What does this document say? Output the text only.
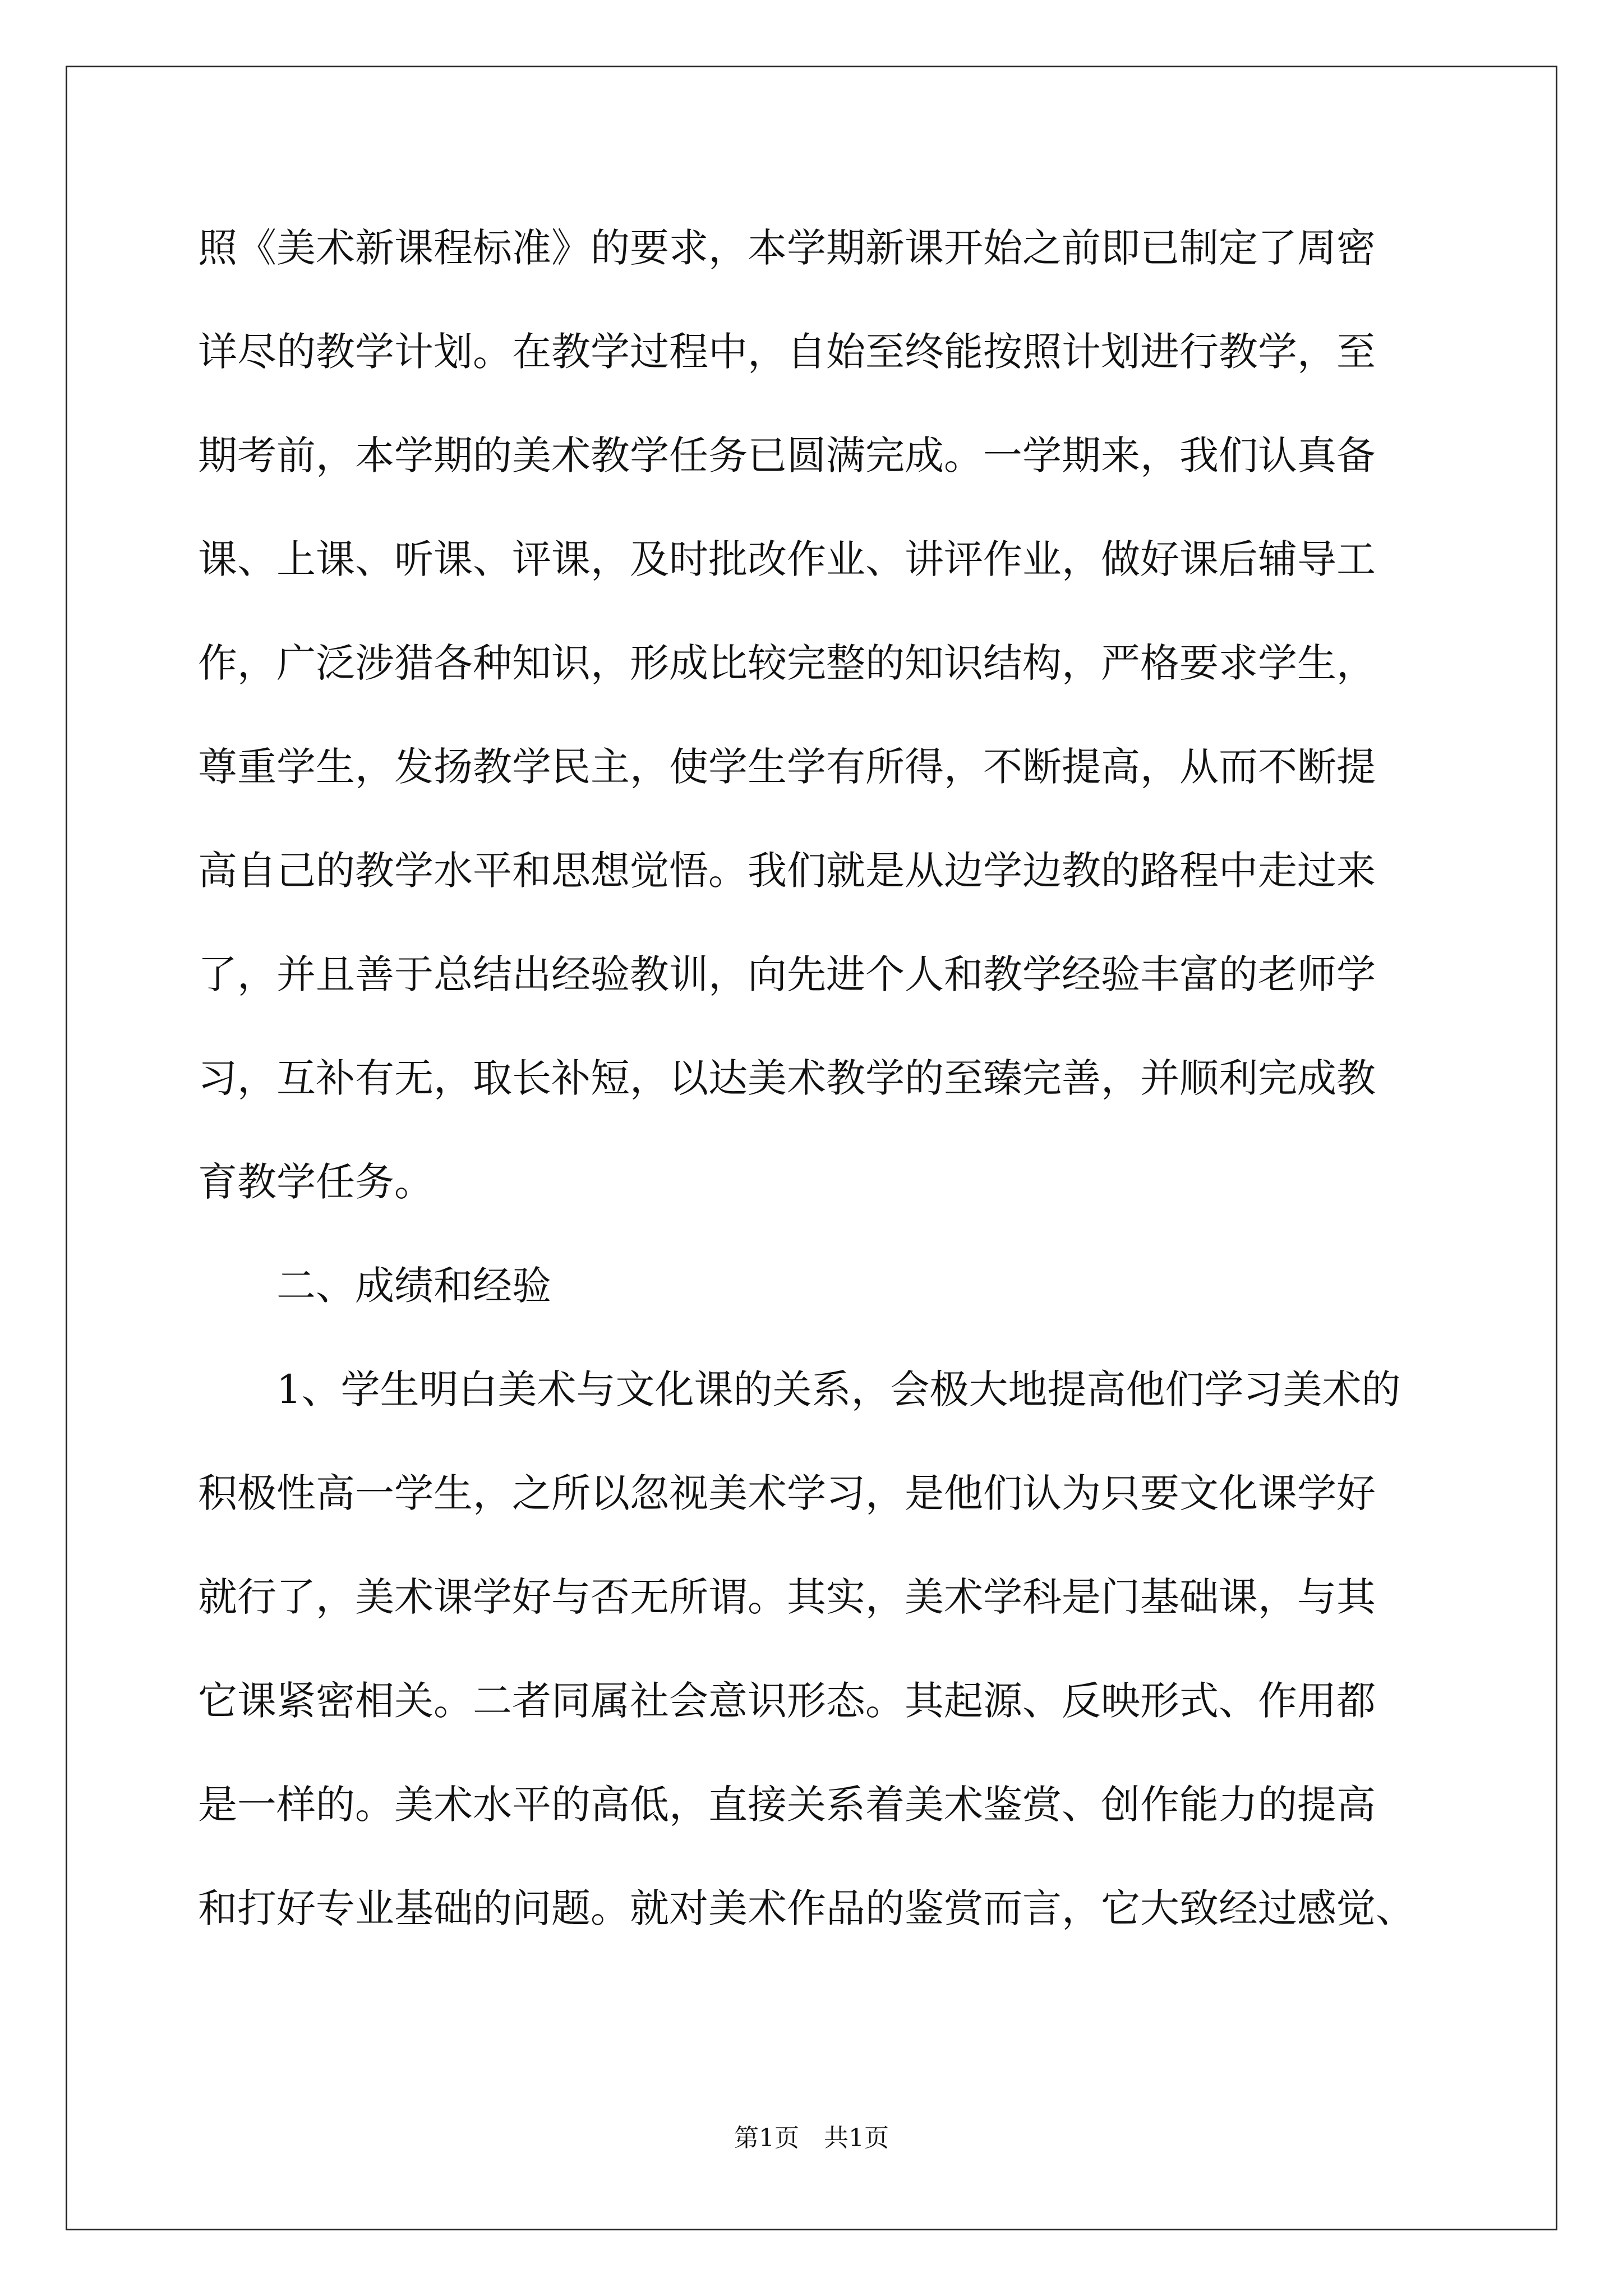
照《美术新课程标准》的要求，本学期新课开始之前即已制定了周密
详尽的教学计划。在教学过程中，自始至终能按照计划进行教学，至
期考前，本学期的美术教学任务已圆满完成。一学期来，我们认真备
课、上课、听课、评课，及时批改作业、讲评作业，做好课后辅导工
作，广泛涉猎各种知识，形成比较完整的知识结构，严格要求学生，
尊重学生，发扬教学民主，使学生学有所得，不断提高，从而不断提
高自己的教学水平和思想觉悟。我们就是从边学边教的路程中走过来
了，并且善于总结出经验教训，向先进个人和教学经验丰富的老师学
习，互补有无，取长补短，以达美术教学的至臻完善，并顺利完成教
育教学任务。
二、成绩和经验
1、学生明白美术与文化课的关系，会极大地提高他们学习美术的
积极性高一学生，之所以忽视美术学习，是他们认为只要文化课学好
就行了，美术课学好与否无所谓。其实，美术学科是门基础课，与其
它课紧密相关。二者同属社会意识形态。其起源、反映形式、作用都
是一样的。美术水平的高低，直接关系着美术鉴赏、创作能力的提高
和打好专业基础的问题。就对美术作品的鉴赏而言，它大致经过感觉、
第1页　共1页
